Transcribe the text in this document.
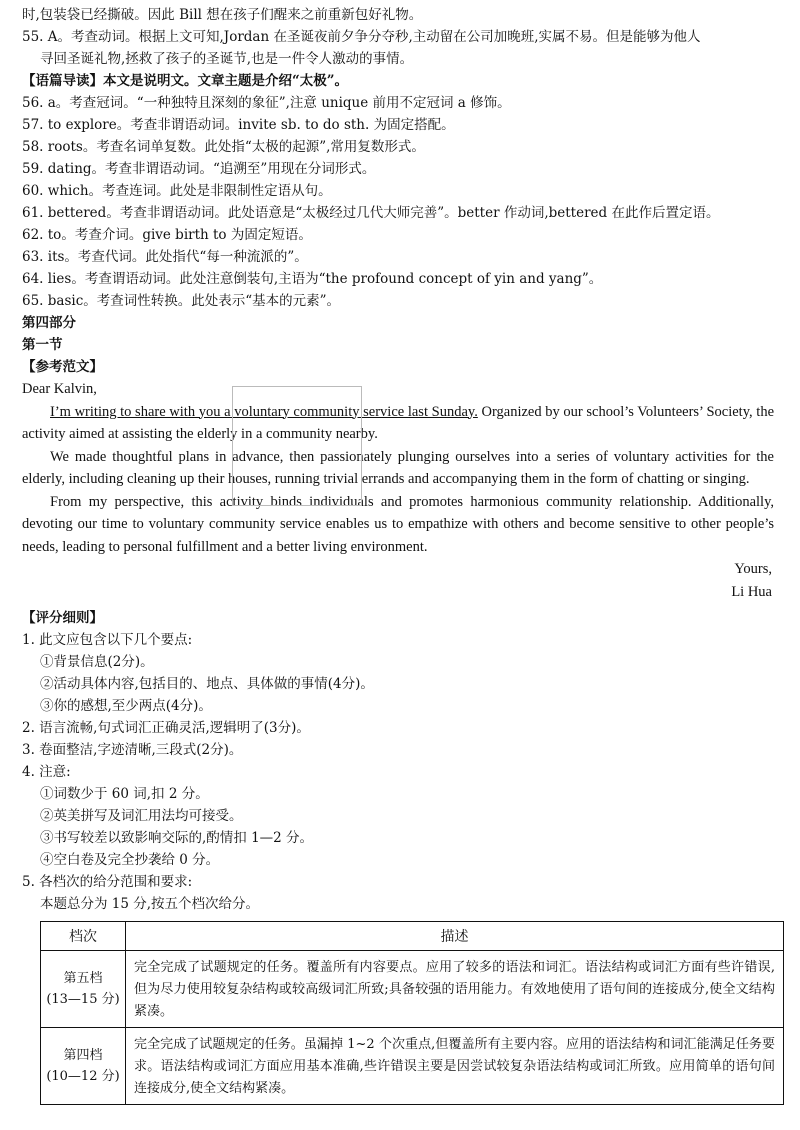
时,包装袋已经撕破。因此 Bill 想在孩子们醒来之前重新包好礼物。
55. A。考查动词。根据上文可知,Jordan 在圣诞夜前夕争分夺秒,主动留在公司加晚班,实属不易。但是能够为他人
寻回圣诞礼物,拯救了孩子的圣诞节,也是一件令人激动的事情。
【语篇导读】本文是说明文。文章主题是介绍“太极”。
56. a。考查冠词。“一种独特且深刻的象征”,注意 unique 前用不定冠词 a 修饰。
57. to explore。考查非谓语动词。invite sb. to do sth. 为固定搭配。
58. roots。考查名词单复数。此处指“太极的起源”,常用复数形式。
59. dating。考查非谓语动词。“追溯至”用现在分词形式。
60. which。考查连词。此处是非限制性定语从句。
61. bettered。考查非谓语动词。此处语意是“太极经过几代大师完善”。better 作动词,bettered 在此作后置定语。
62. to。考查介词。give birth to 为固定短语。
63. its。考查代词。此处指代“每一种流派的”。
64. lies。考查谓语动词。此处注意倒装句,主语为“the profound concept of yin and yang”。
65. basic。考查词性转换。此处表示“基本的元素”。
第四部分
第一节
【参考范文】

Dear Kalvin,

I’m writing to share with you a voluntary community service last Sunday. Organized by our school’s Volunteers’ Society, the activity aimed at assisting the elderly in a community nearby.

We made thoughtful plans in advance, then passionately plunging ourselves into a series of voluntary activities for the elderly, including cleaning up their houses, running trivial errands and accompanying them in the form of chatting or singing.

From my perspective, this activity binds individuals and promotes harmonious community relationship. Additionally, devoting our time to voluntary community service enables us to empathize with others and become sensitive to other people’s needs, leading to personal fulfillment and a better living environment.

Yours,

Li Hua

【评分细则】
1. 此文应包含以下几个要点:
①背景信息(2分)。
②活动具体内容,包括目的、地点、具体做的事情(4分)。
③你的感想,至少两点(4分)。
2. 语言流畅,句式词汇正确灵活,逻辑明了(3分)。
3. 卷面整洁,字迹清晰,三段式(2分)。
4. 注意:
①词数少于 60 词,扣 2 分。
②英美拼写及词汇用法均可接受。
③书写较差以致影响交际的,酌情扣 1—2 分。
④空白卷及完全抄袭给 0 分。
5. 各档次的给分范围和要求:
本题总分为 15 分,按五个档次给分。
档次	描述

第五档
(13—15 分)	完全完成了试题规定的任务。覆盖所有内容要点。应用了较多的语法和词汇。语法结构或词汇方面有些许错误,但为尽力使用较复杂结构或较高级词汇所致;具备较强的语用能力。有效地使用了语句间的连接成分,使全文结构紧凑。

第四档
(10—12 分)	完全完成了试题规定的任务。虽漏掉 1~2 个次重点,但覆盖所有主要内容。应用的语法结构和词汇能满足任务要求。语法结构或词汇方面应用基本准确,些许错误主要是因尝试较复杂语法结构或词汇所致。应用简单的语句间连接成分,使全文结构紧凑。
